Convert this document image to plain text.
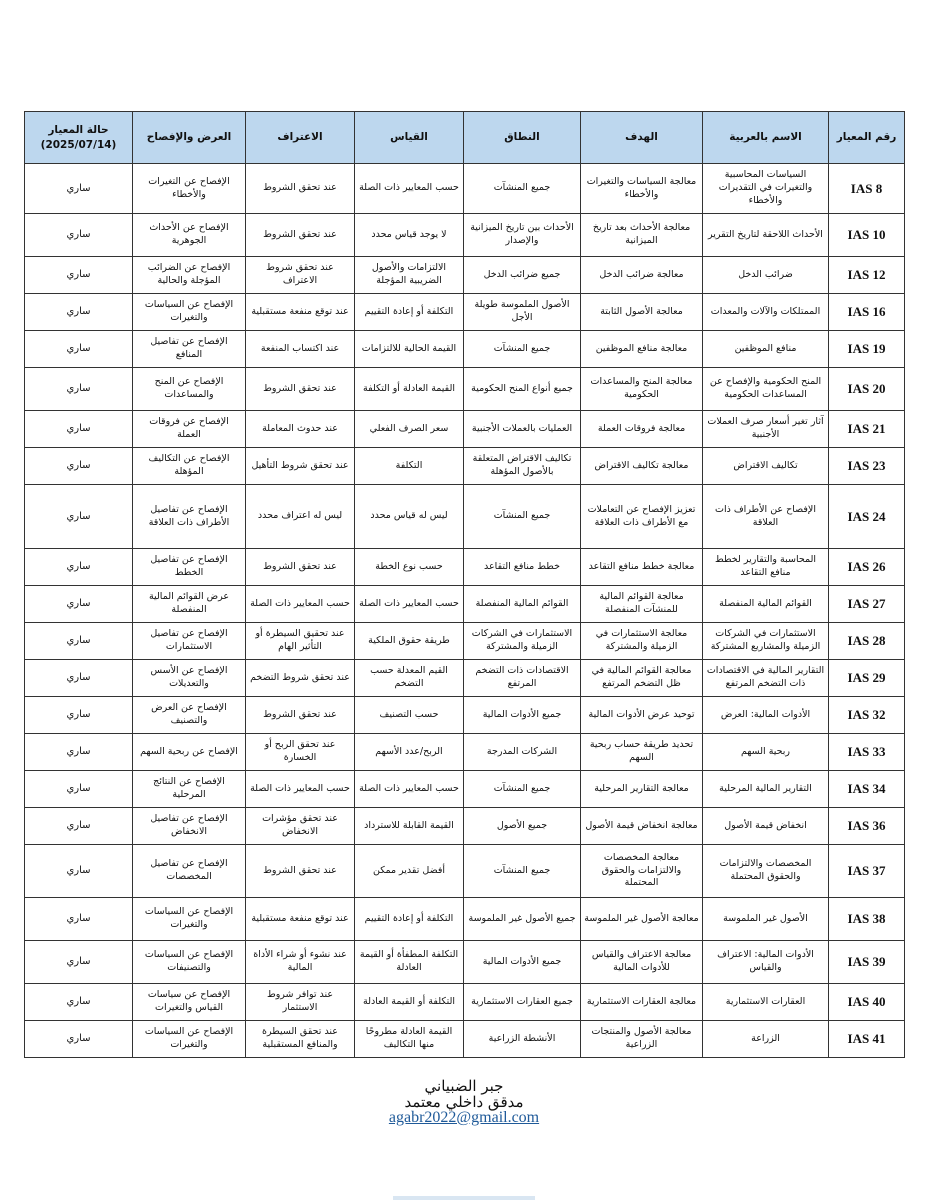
رقم المعيار	الاسم بالعربية	الهدف	النطاق	القياس	الاعتراف	العرض والإفصاح	حالة المعيار
(2025/07/14)

IAS 8	السياسات المحاسبية والتغيرات في التقديرات والأخطاء	معالجة السياسات والتغيرات والأخطاء	جميع المنشآت	حسب المعايير ذات الصلة	عند تحقق الشروط	الإفصاح عن التغيرات والأخطاء	ساري
IAS 10	الأحداث اللاحقة لتاريخ التقرير	معالجة الأحداث بعد تاريخ الميزانية	الأحداث بين تاريخ الميزانية والإصدار	لا يوجد قياس محدد	عند تحقق الشروط	الإفصاح عن الأحداث الجوهرية	ساري
IAS 12	ضرائب الدخل	معالجة ضرائب الدخل	جميع ضرائب الدخل	الالتزامات والأصول الضريبية المؤجلة	عند تحقق شروط الاعتراف	الإفصاح عن الضرائب المؤجلة والحالية	ساري
IAS 16	الممتلكات والآلات والمعدات	معالجة الأصول الثابتة	الأصول الملموسة طويلة الأجل	التكلفة أو إعادة التقييم	عند توقع منفعة مستقبلية	الإفصاح عن السياسات والتغيرات	ساري
IAS 19	منافع الموظفين	معالجة منافع الموظفين	جميع المنشآت	القيمة الحالية للالتزامات	عند اكتساب المنفعة	الإفصاح عن تفاصيل المنافع	ساري
IAS 20	المنح الحكومية والإفصاح عن المساعدات الحكومية	معالجة المنح والمساعدات الحكومية	جميع أنواع المنح الحكومية	القيمة العادلة أو التكلفة	عند تحقق الشروط	الإفصاح عن المنح والمساعدات	ساري
IAS 21	آثار تغير أسعار صرف العملات الأجنبية	معالجة فروقات العملة	العمليات بالعملات الأجنبية	سعر الصرف الفعلي	عند حدوث المعاملة	الإفصاح عن فروقات العملة	ساري
IAS 23	تكاليف الاقتراض	معالجة تكاليف الاقتراض	تكاليف الاقتراض المتعلقة بالأصول المؤهلة	التكلفة	عند تحقق شروط التأهيل	الإفصاح عن التكاليف المؤهلة	ساري
IAS 24	الإفصاح عن الأطراف ذات العلاقة	تعزيز الإفصاح عن التعاملات مع الأطراف ذات العلاقة	جميع المنشآت	ليس له قياس محدد	ليس له اعتراف محدد	الإفصاح عن تفاصيل الأطراف ذات العلاقة	ساري
IAS 26	المحاسبة والتقارير لخطط منافع التقاعد	معالجة خطط منافع التقاعد	خطط منافع التقاعد	حسب نوع الخطة	عند تحقق الشروط	الإفصاح عن تفاصيل الخطط	ساري
IAS 27	القوائم المالية المنفصلة	معالجة القوائم المالية للمنشآت المنفصلة	القوائم المالية المنفصلة	حسب المعايير ذات الصلة	حسب المعايير ذات الصلة	عرض القوائم المالية المنفصلة	ساري
IAS 28	الاستثمارات في الشركات الزميلة والمشاريع المشتركة	معالجة الاستثمارات في الزميلة والمشتركة	الاستثمارات في الشركات الزميلة والمشتركة	طريقة حقوق الملكية	عند تحقيق السيطرة أو التأثير الهام	الإفصاح عن تفاصيل الاستثمارات	ساري
IAS 29	التقارير المالية في الاقتصادات ذات التضخم المرتفع	معالجة القوائم المالية في ظل التضخم المرتفع	الاقتصادات ذات التضخم المرتفع	القيم المعدلة حسب التضخم	عند تحقق شروط التضخم	الإفصاح عن الأسس والتعديلات	ساري
IAS 32	الأدوات المالية: العرض	توحيد عرض الأدوات المالية	جميع الأدوات المالية	حسب التصنيف	عند تحقق الشروط	الإفصاح عن العرض والتصنيف	ساري
IAS 33	ربحية السهم	تحديد طريقة حساب ربحية السهم	الشركات المدرجة	الربح/عدد الأسهم	عند تحقق الربح أو الخسارة	الإفصاح عن ربحية السهم	ساري
IAS 34	التقارير المالية المرحلية	معالجة التقارير المرحلية	جميع المنشآت	حسب المعايير ذات الصلة	حسب المعايير ذات الصلة	الإفصاح عن النتائج المرحلية	ساري
IAS 36	انخفاض قيمة الأصول	معالجة انخفاض قيمة الأصول	جميع الأصول	القيمة القابلة للاسترداد	عند تحقق مؤشرات الانخفاض	الإفصاح عن تفاصيل الانخفاض	ساري
IAS 37	المخصصات والالتزامات والحقوق المحتملة	معالجة المخصصات والالتزامات والحقوق المحتملة	جميع المنشآت	أفضل تقدير ممكن	عند تحقق الشروط	الإفصاح عن تفاصيل المخصصات	ساري
IAS 38	الأصول غير الملموسة	معالجة الأصول غير الملموسة	جميع الأصول غير الملموسة	التكلفة أو إعادة التقييم	عند توقع منفعة مستقبلية	الإفصاح عن السياسات والتغيرات	ساري
IAS 39	الأدوات المالية: الاعتراف والقياس	معالجة الاعتراف والقياس للأدوات المالية	جميع الأدوات المالية	التكلفة المطفأة أو القيمة العادلة	عند نشوء أو شراء الأداة المالية	الإفصاح عن السياسات والتصنيفات	ساري
IAS 40	العقارات الاستثمارية	معالجة العقارات الاستثمارية	جميع العقارات الاستثمارية	التكلفة أو القيمة العادلة	عند توافر شروط الاستثمار	الإفصاح عن سياسات القياس والتغيرات	ساري
IAS 41	الزراعة	معالجة الأصول والمنتجات الزراعية	الأنشطة الزراعية	القيمة العادلة مطروحًا منها التكاليف	عند تحقق السيطرة والمنافع المستقبلية	الإفصاح عن السياسات والتغيرات	ساري
جبر الضبياني
مدقق داخلي معتمد
agabr2022@gmail.com
